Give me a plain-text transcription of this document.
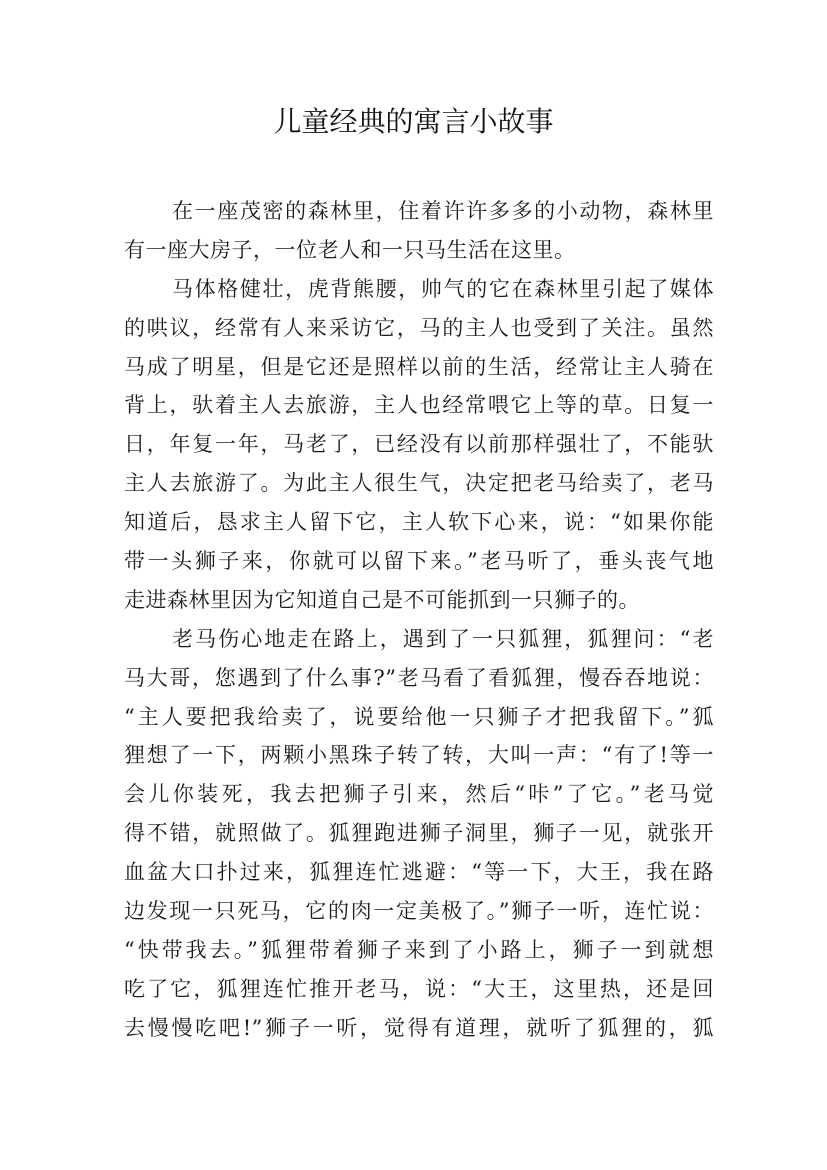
儿童经典的寓言小故事
在一座茂密的森林里，住着许许多多的小动物，森林里
有一座大房子，一位老人和一只马生活在这里。
马体格健壮，虎背熊腰，帅气的它在森林里引起了媒体
的哄议，经常有人来采访它，马的主人也受到了关注。虽然
马成了明星，但是它还是照样以前的生活，经常让主人骑在
背上，驮着主人去旅游，主人也经常喂它上等的草。日复一
日，年复一年，马老了，已经没有以前那样强壮了，不能驮
主人去旅游了。为此主人很生气，决定把老马给卖了，老马
知道后，恳求主人留下它，主人软下心来，说：“如果你能
带一头狮子来，你就可以留下来。”老马听了，垂头丧气地
走进森林里因为它知道自己是不可能抓到一只狮子的。
老马伤心地走在路上，遇到了一只狐狸，狐狸问：“老
马大哥，您遇到了什么事?”老马看了看狐狸，慢吞吞地说：
“主人要把我给卖了，说要给他一只狮子才把我留下。”狐
狸想了一下，两颗小黑珠子转了转，大叫一声：“有了!等一
会儿你装死，我去把狮子引来，然后“咔”了它。”老马觉
得不错，就照做了。狐狸跑进狮子洞里，狮子一见，就张开
血盆大口扑过来，狐狸连忙逃避：“等一下，大王，我在路
边发现一只死马，它的肉一定美极了。”狮子一听，连忙说：
“快带我去。”狐狸带着狮子来到了小路上，狮子一到就想
吃了它，狐狸连忙推开老马，说：“大王，这里热，还是回
去慢慢吃吧!”狮子一听，觉得有道理，就听了狐狸的，狐
